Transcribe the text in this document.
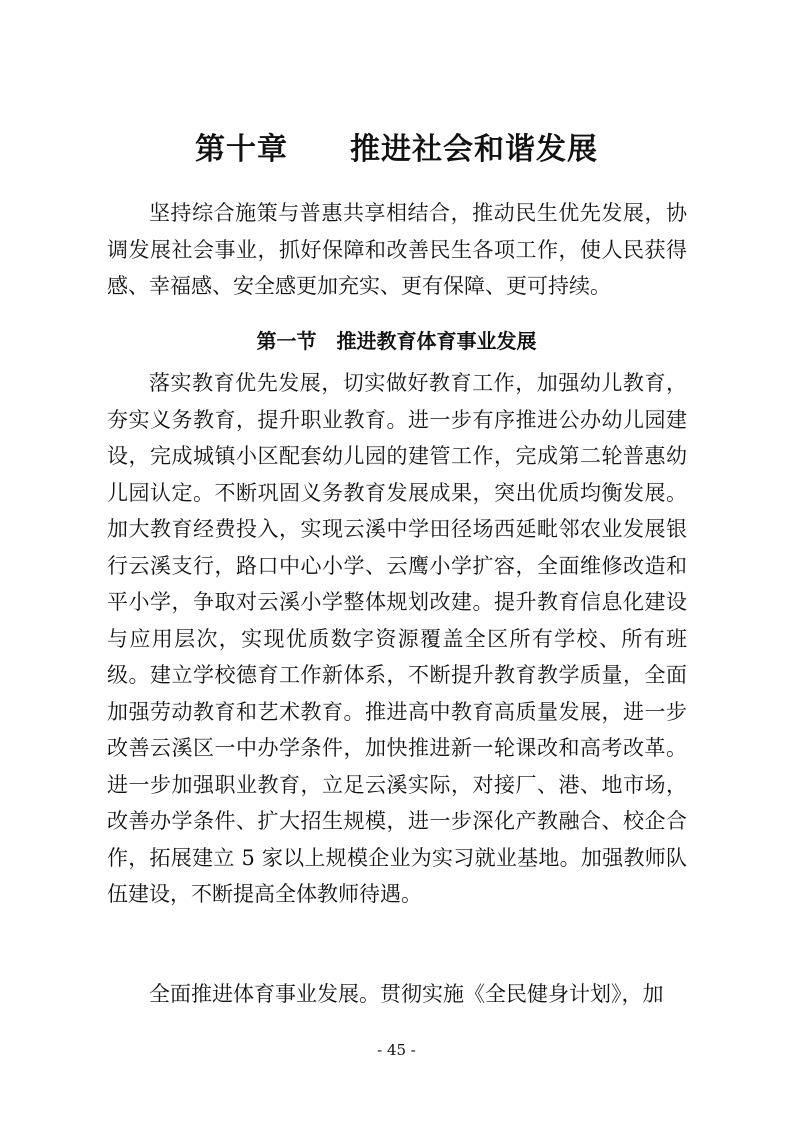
第十章　　推进社会和谐发展

坚持综合施策与普惠共享相结合，推动民生优先发展，协调发展社会事业，抓好保障和改善民生各项工作，使人民获得感、幸福感、安全感更加充实、更有保障、更可持续。

第一节　推进教育体育事业发展

落实教育优先发展，切实做好教育工作，加强幼儿教育，夯实义务教育，提升职业教育。进一步有序推进公办幼儿园建设，完成城镇小区配套幼儿园的建管工作，完成第二轮普惠幼儿园认定。不断巩固义务教育发展成果，突出优质均衡发展。加大教育经费投入，实现云溪中学田径场西延毗邻农业发展银行云溪支行，路口中心小学、云鹰小学扩容，全面维修改造和平小学，争取对云溪小学整体规划改建。提升教育信息化建设与应用层次，实现优质数字资源覆盖全区所有学校、所有班级。建立学校德育工作新体系，不断提升教育教学质量，全面加强劳动教育和艺术教育。推进高中教育高质量发展，进一步改善云溪区一中办学条件，加快推进新一轮课改和高考改革。进一步加强职业教育，立足云溪实际，对接厂、港、地市场，改善办学条件、扩大招生规模，进一步深化产教融合、校企合作，拓展建立 5 家以上规模企业为实习就业基地。加强教师队伍建设，不断提高全体教师待遇。

全面推进体育事业发展。贯彻实施《全民健身计划》，加

- 45 -
